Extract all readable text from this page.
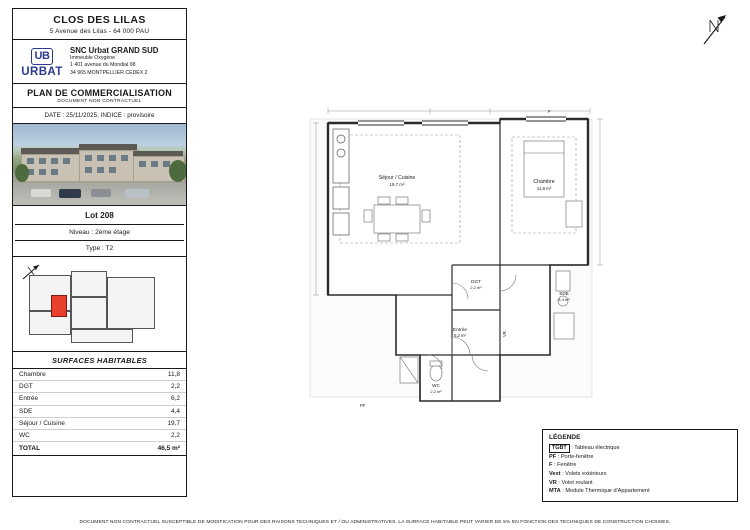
CLOS DES LILAS
5 Avenue des Lilas - 64 000 PAU
UB
URBAT
SNC Urbat GRAND SUD
Immeuble Oxygène
1 401 avenue du Mondial 98
34 965 MONTPELLIER CEDEX 2
PLAN DE COMMERCIALISATION
DOCUMENT NON CONTRACTUEL
DATE : 25/11/2025, INDICE : provisoire
Lot 208
Niveau : 2ème étage
Type : T2
SURFACES HABITABLES
Chambre	11,8
DGT	2,2
Entrée	6,2
SDE	4,4
Séjour / Cuisine	19,7
WC	2,2
TOTAL	46,5 m²
Séjour / Cuisine
19,7 m²	Chambre
11,8 m²
DGT
2,2 m²
SDE
4,4 m²
Entrée
6,2 m²
WC
2,2 m²
VR
PF
F
LÉGENDE
TGBT : Tableau électrique
PF : Porte-fenêtre
F : Fenêtre
Vext : Volets extérieurs
VR : Volet roulant
MTA : Module Thermique d'Appartement
DOCUMENT NON CONTRACTUEL SUSCEPTIBLE DE MODIFICATION POUR DES RAISONS TECHNIQUES ET / OU ADMINISTRATIVES. LA SURFACE HABITABLE PEUT VARIER DE 5% EN FONCTION DES TECHNIQUES DE CONSTRUCTION CHOISIES.
